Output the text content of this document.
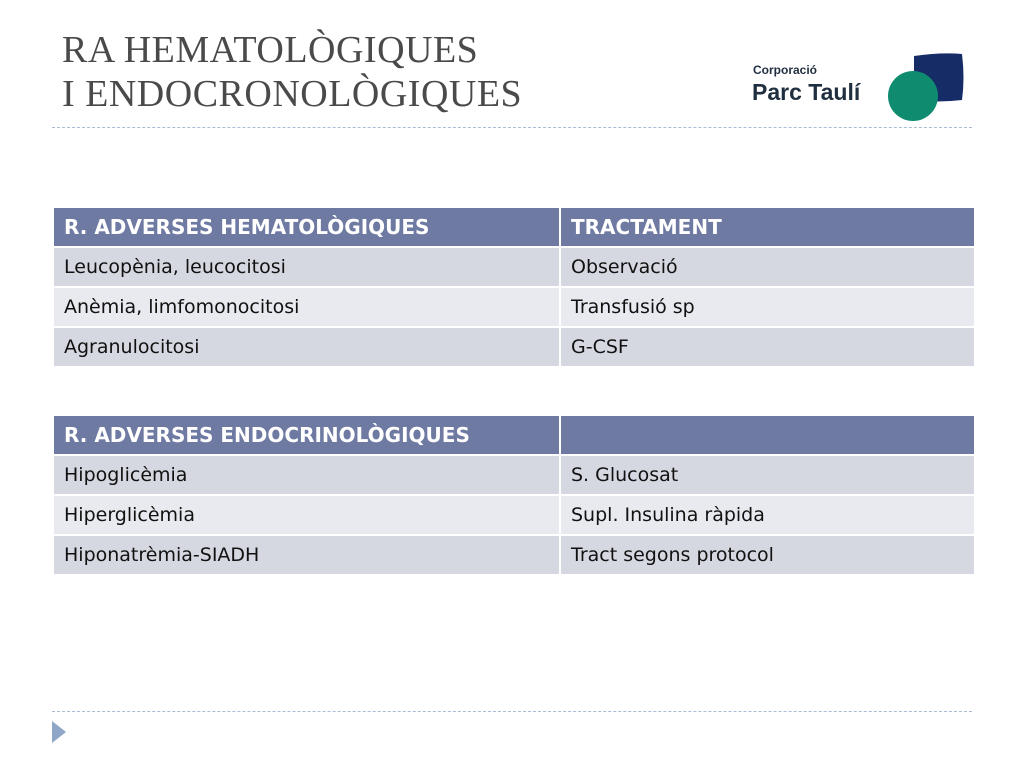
RA HEMATOLÒGIQUES
I ENDOCRONOLÒGIQUES
Corporació
Parc Taulí
R. ADVERSES HEMATOLÒGIQUES	TRACTAMENT
Leucopènia, leucocitosi	Observació
Anèmia, limfomonocitosi	Transfusió sp
Agranulocitosi	G-CSF
R. ADVERSES ENDOCRINOLÒGIQUES	
Hipoglicèmia	S. Glucosat
Hiperglicèmia	Supl. Insulina ràpida
Hiponatrèmia-SIADH	Tract segons protocol
